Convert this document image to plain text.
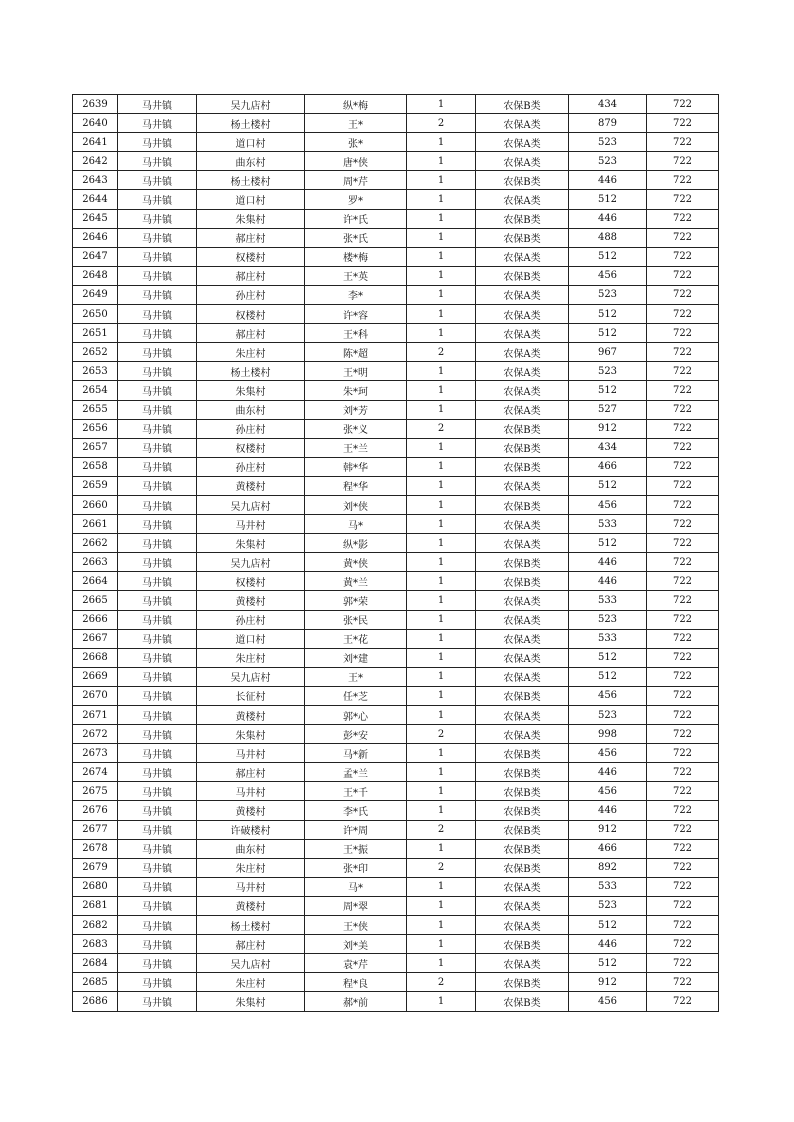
2639	马井镇	吴九店村	纵*梅	1	农保B类	434	722
2640	马井镇	杨土楼村	王*	2	农保A类	879	722
2641	马井镇	道口村	张*	1	农保A类	523	722
2642	马井镇	曲东村	唐*侠	1	农保A类	523	722
2643	马井镇	杨土楼村	周*芹	1	农保B类	446	722
2644	马井镇	道口村	罗*	1	农保A类	512	722
2645	马井镇	朱集村	许*氏	1	农保B类	446	722
2646	马井镇	郝庄村	张*氏	1	农保B类	488	722
2647	马井镇	权楼村	楼*梅	1	农保A类	512	722
2648	马井镇	郝庄村	王*英	1	农保B类	456	722
2649	马井镇	孙庄村	李*	1	农保A类	523	722
2650	马井镇	权楼村	许*容	1	农保A类	512	722
2651	马井镇	郝庄村	王*科	1	农保A类	512	722
2652	马井镇	朱庄村	陈*超	2	农保A类	967	722
2653	马井镇	杨土楼村	王*明	1	农保A类	523	722
2654	马井镇	朱集村	朱*珂	1	农保A类	512	722
2655	马井镇	曲东村	刘*芳	1	农保A类	527	722
2656	马井镇	孙庄村	张*义	2	农保B类	912	722
2657	马井镇	权楼村	王*兰	1	农保B类	434	722
2658	马井镇	孙庄村	韩*华	1	农保B类	466	722
2659	马井镇	黄楼村	程*华	1	农保A类	512	722
2660	马井镇	吴九店村	刘*侠	1	农保B类	456	722
2661	马井镇	马井村	马*	1	农保A类	533	722
2662	马井镇	朱集村	纵*影	1	农保A类	512	722
2663	马井镇	吴九店村	黄*侠	1	农保B类	446	722
2664	马井镇	权楼村	黄*兰	1	农保B类	446	722
2665	马井镇	黄楼村	郭*荣	1	农保A类	533	722
2666	马井镇	孙庄村	张*民	1	农保A类	523	722
2667	马井镇	道口村	王*花	1	农保A类	533	722
2668	马井镇	朱庄村	刘*建	1	农保A类	512	722
2669	马井镇	吴九店村	王*	1	农保A类	512	722
2670	马井镇	长征村	任*芝	1	农保B类	456	722
2671	马井镇	黄楼村	郭*心	1	农保A类	523	722
2672	马井镇	朱集村	彭*安	2	农保A类	998	722
2673	马井镇	马井村	马*新	1	农保B类	456	722
2674	马井镇	郝庄村	孟*兰	1	农保B类	446	722
2675	马井镇	马井村	王*千	1	农保B类	456	722
2676	马井镇	黄楼村	李*氏	1	农保B类	446	722
2677	马井镇	许破楼村	许*周	2	农保B类	912	722
2678	马井镇	曲东村	王*振	1	农保B类	466	722
2679	马井镇	朱庄村	张*印	2	农保B类	892	722
2680	马井镇	马井村	马*	1	农保A类	533	722
2681	马井镇	黄楼村	周*翠	1	农保A类	523	722
2682	马井镇	杨土楼村	王*侠	1	农保A类	512	722
2683	马井镇	郝庄村	刘*美	1	农保B类	446	722
2684	马井镇	吴九店村	袁*芹	1	农保A类	512	722
2685	马井镇	朱庄村	程*良	2	农保B类	912	722
2686	马井镇	朱集村	郝*前	1	农保B类	456	722
